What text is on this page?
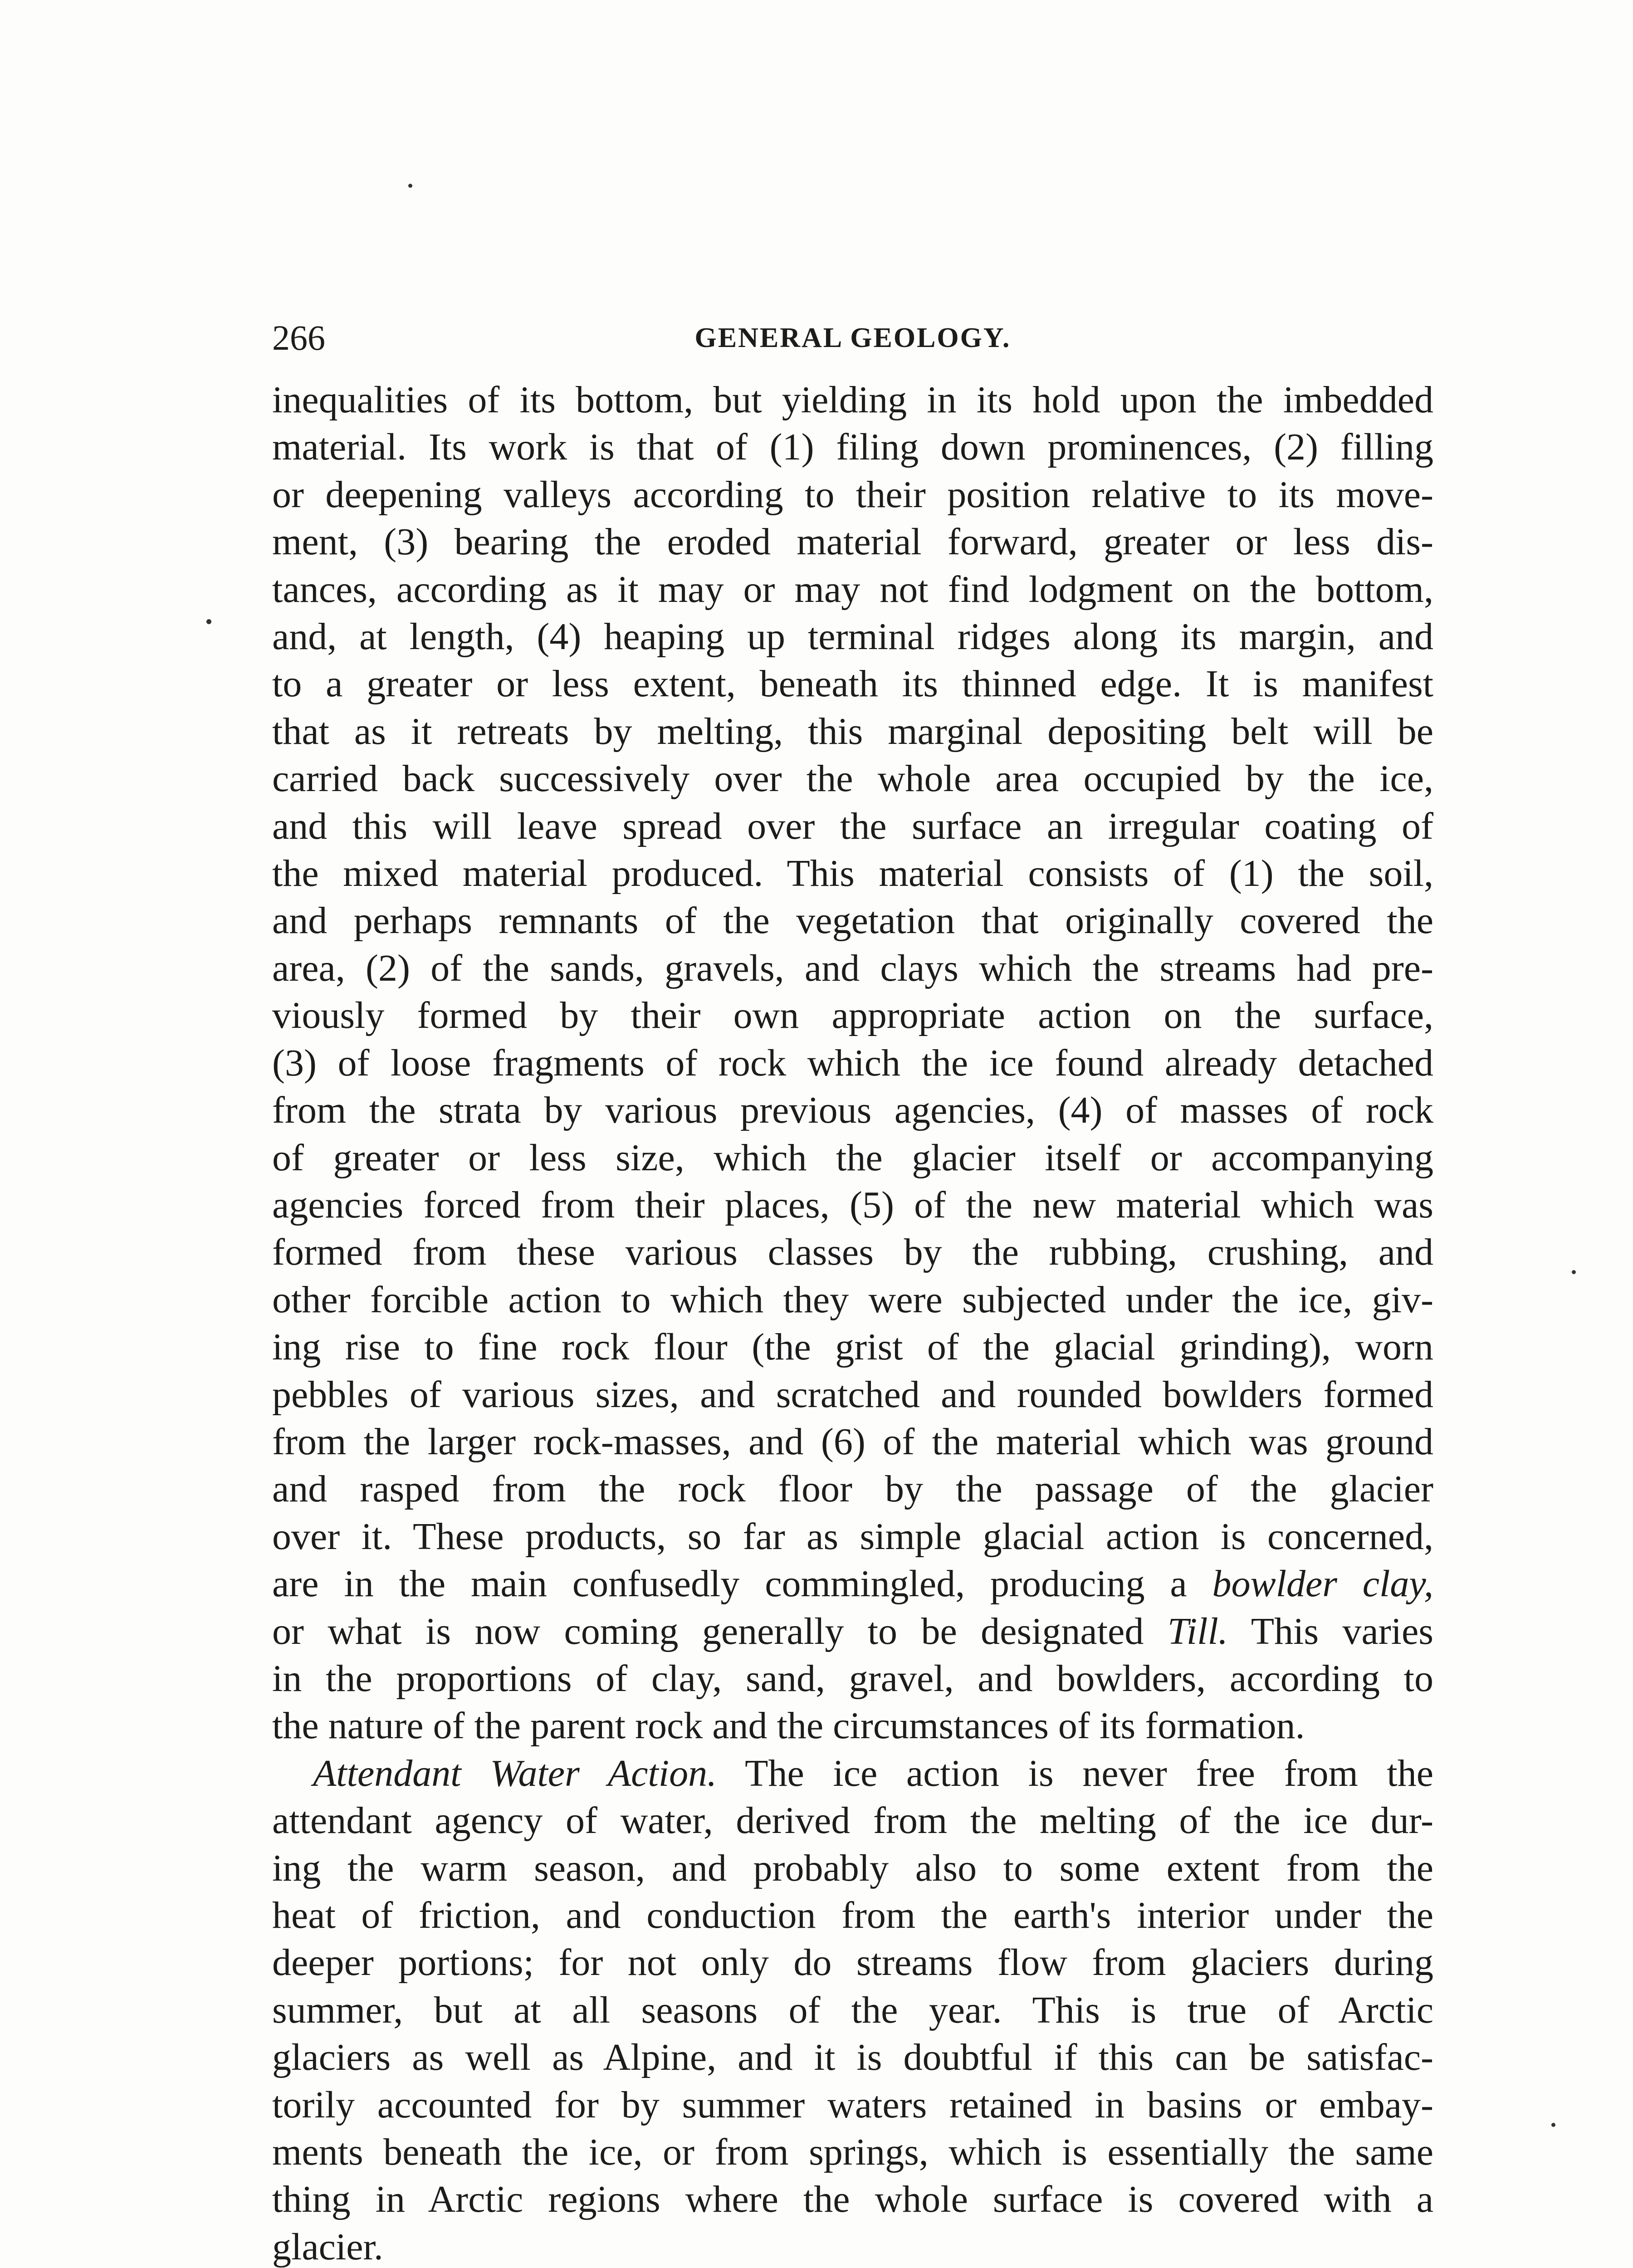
266	GENERAL GEOLOGY.

inequalities of its bottom, but yielding in its hold upon the imbedded
material. Its work is that of (1) filing down prominences, (2) filling
or deepening valleys according to their position relative to its move-
ment, (3) bearing the eroded material forward, greater or less dis-
tances, according as it may or may not find lodgment on the bottom,
and, at length, (4) heaping up terminal ridges along its margin, and
to a greater or less extent, beneath its thinned edge. It is manifest
that as it retreats by melting, this marginal depositing belt will be
carried back successively over the whole area occupied by the ice,
and this will leave spread over the surface an irregular coating of
the mixed material produced. This material consists of (1) the soil,
and perhaps remnants of the vegetation that originally covered the
area, (2) of the sands, gravels, and clays which the streams had pre-
viously formed by their own appropriate action on the surface,
(3) of loose fragments of rock which the ice found already detached
from the strata by various previous agencies, (4) of masses of rock
of greater or less size, which the glacier itself or accompanying
agencies forced from their places, (5) of the new material which was
formed from these various classes by the rubbing, crushing, and
other forcible action to which they were subjected under the ice, giv-
ing rise to fine rock flour (the grist of the glacial grinding), worn
pebbles of various sizes, and scratched and rounded bowlders formed
from the larger rock-masses, and (6) of the material which was ground
and rasped from the rock floor by the passage of the glacier
over it. These products, so far as simple glacial action is concerned,
are in the main confusedly commingled, producing a bowlder clay,
or what is now coming generally to be designated Till. This varies
in the proportions of clay, sand, gravel, and bowlders, according to
the nature of the parent rock and the circumstances of its formation.

Attendant Water Action. The ice action is never free from the
attendant agency of water, derived from the melting of the ice dur-
ing the warm season, and probably also to some extent from the
heat of friction, and conduction from the earth's interior under the
deeper portions; for not only do streams flow from glaciers during
summer, but at all seasons of the year. This is true of Arctic
glaciers as well as Alpine, and it is doubtful if this can be satisfac-
torily accounted for by summer waters retained in basins or embay-
ments beneath the ice, or from springs, which is essentially the same
thing in Arctic regions where the whole surface is covered with a
glacier.
